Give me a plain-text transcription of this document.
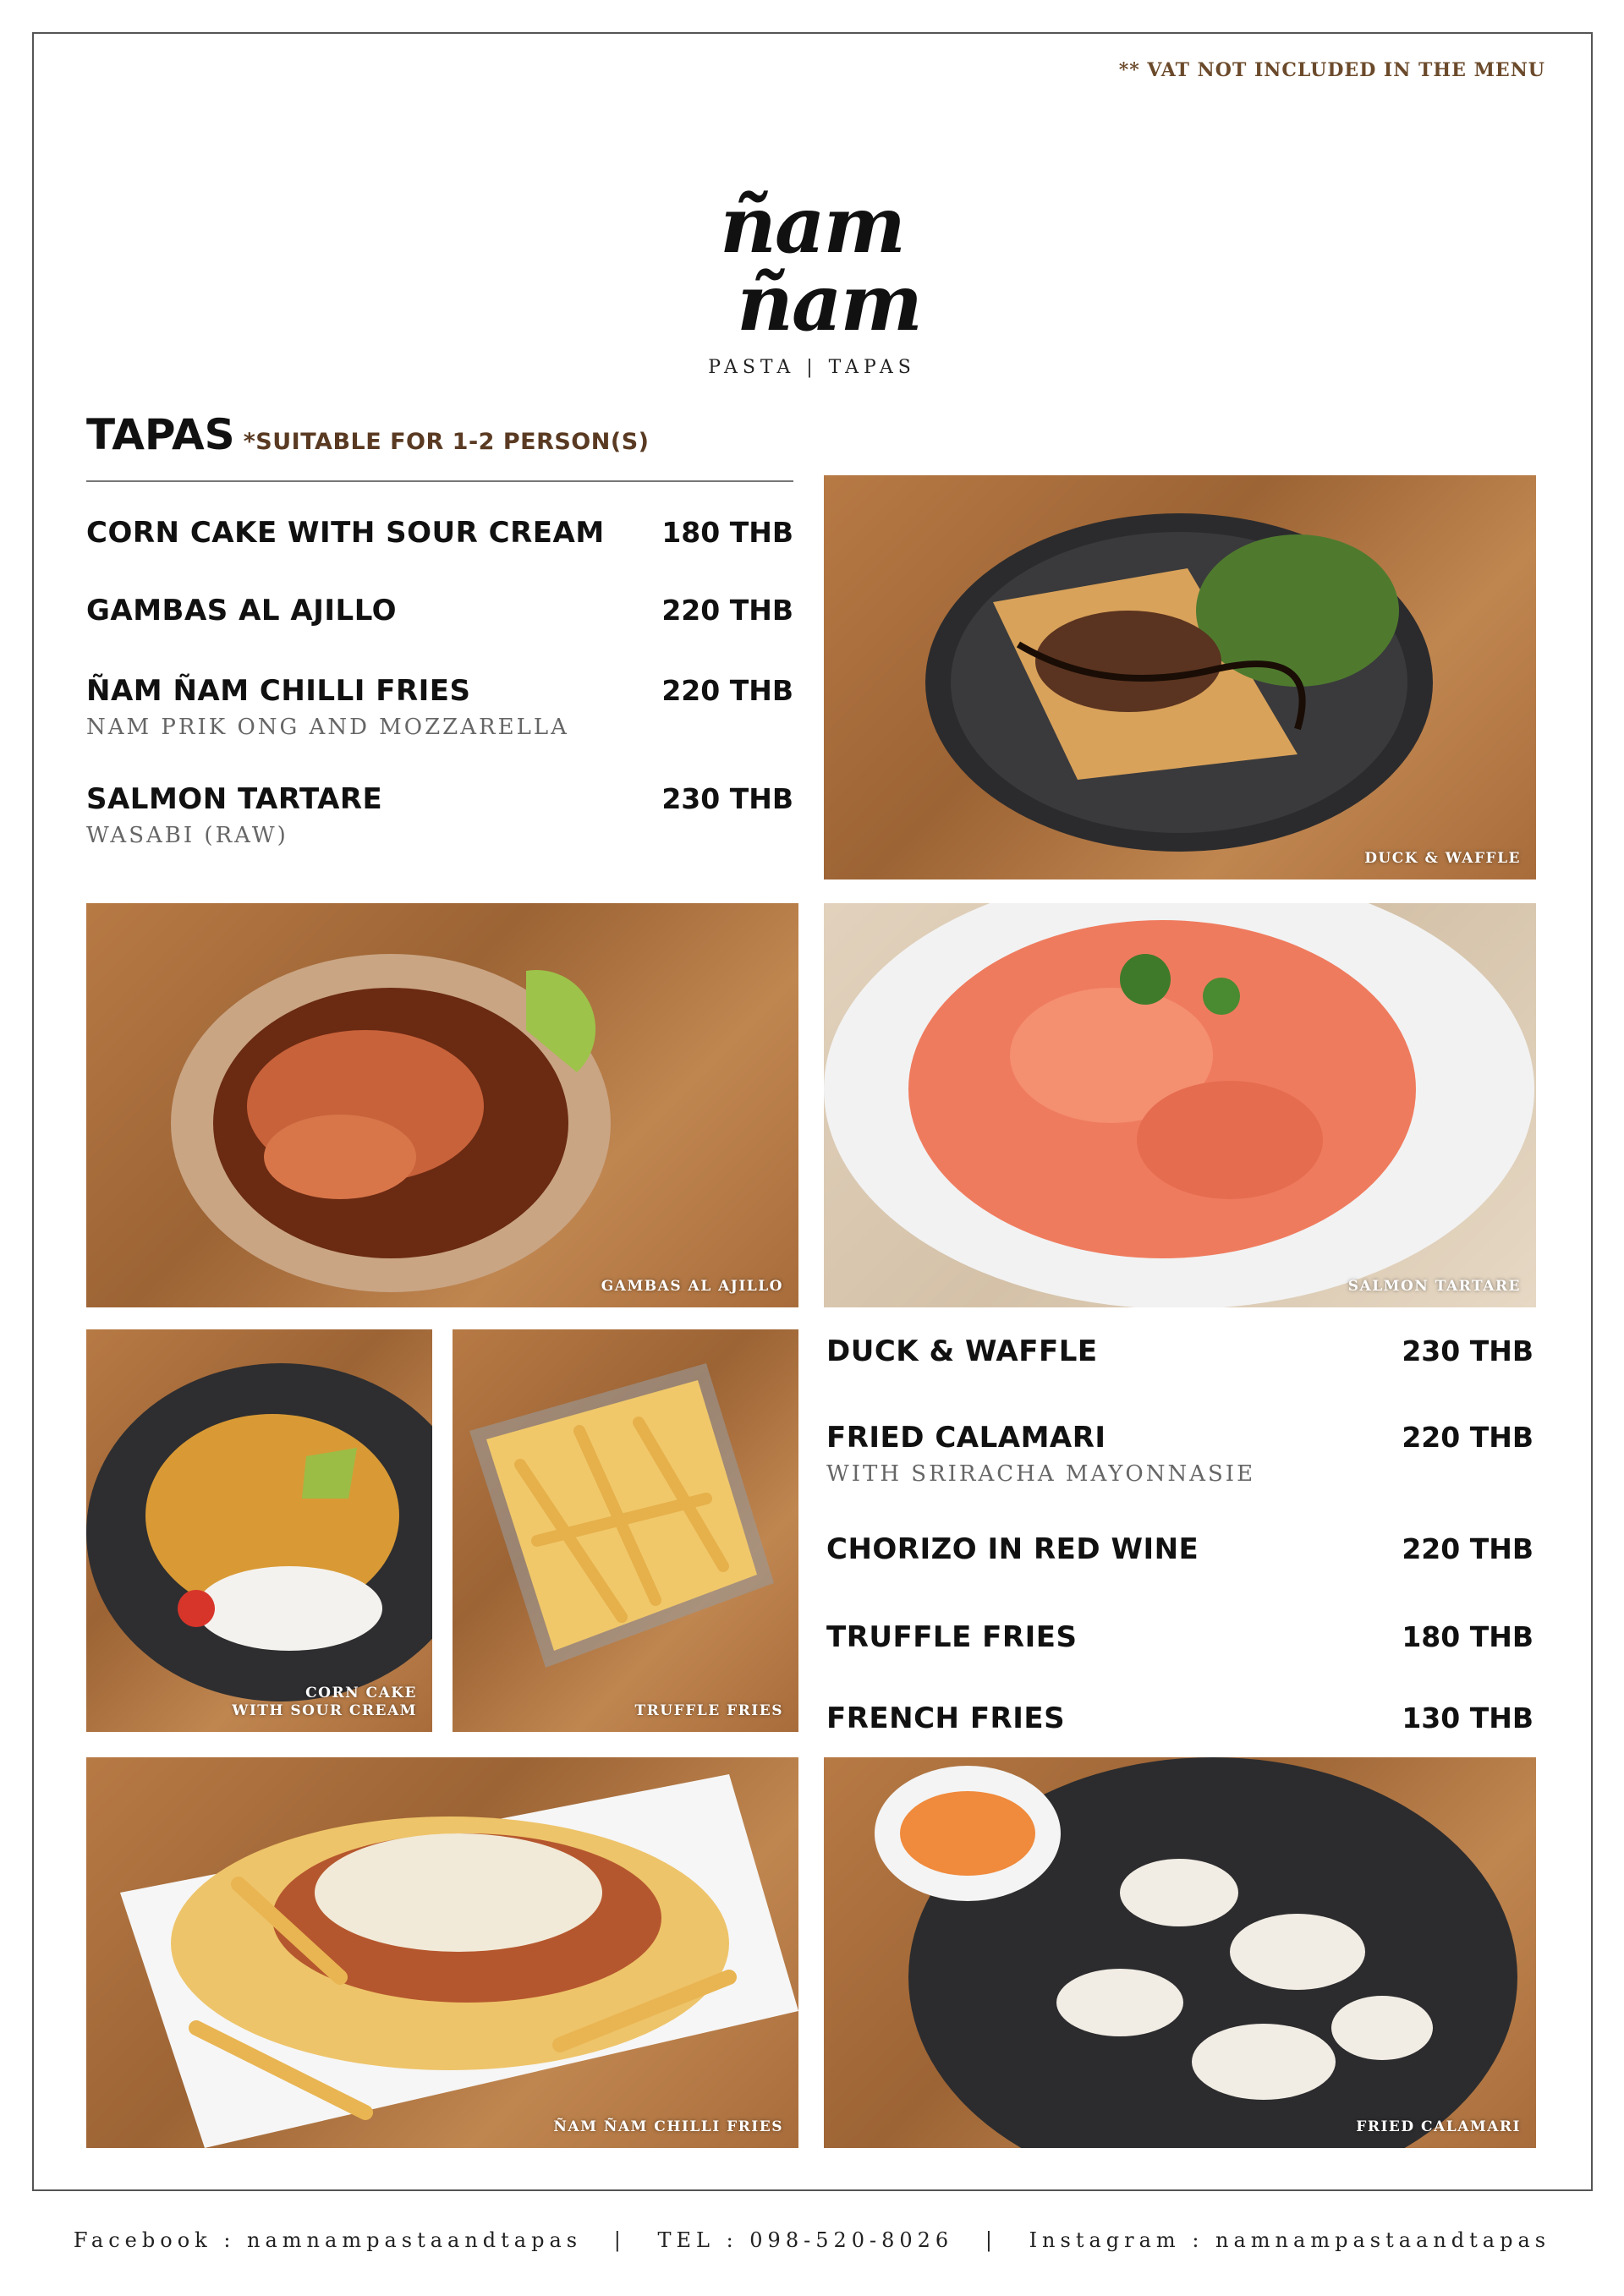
** VAT NOT INCLUDED IN THE MENU
ñam
ñam
PASTA | TAPAS
TAPAS *SUITABLE FOR 1-2 PERSON(S)
CORN CAKE WITH SOUR CREAM 180 THB
GAMBAS AL AJILLO	220 THB
ÑAM ÑAM CHILLI FRIES	220 THB
NAM PRIK ONG AND MOZZARELLA
SALMON TARTARE	230 THB
WASABI (RAW)
DUCK & WAFFLE
GAMBAS AL AJILLO	SALMON TARTARE
CORN CAKE
WITH SOUR CREAM	TRUFFLE FRIES
DUCK & WAFFLE	230 THB
FRIED CALAMARI	220 THB
WITH SRIRACHA MAYONNASIE
CHORIZO IN RED WINE	220 THB
TRUFFLE FRIES	180 THB
FRENCH FRIES	130 THB
ÑAM ÑAM CHILLI FRIES	FRIED CALAMARI
Facebook : namnampastaandtapas | TEL : 098-520-8026 | Instagram : namnampastaandtapas
